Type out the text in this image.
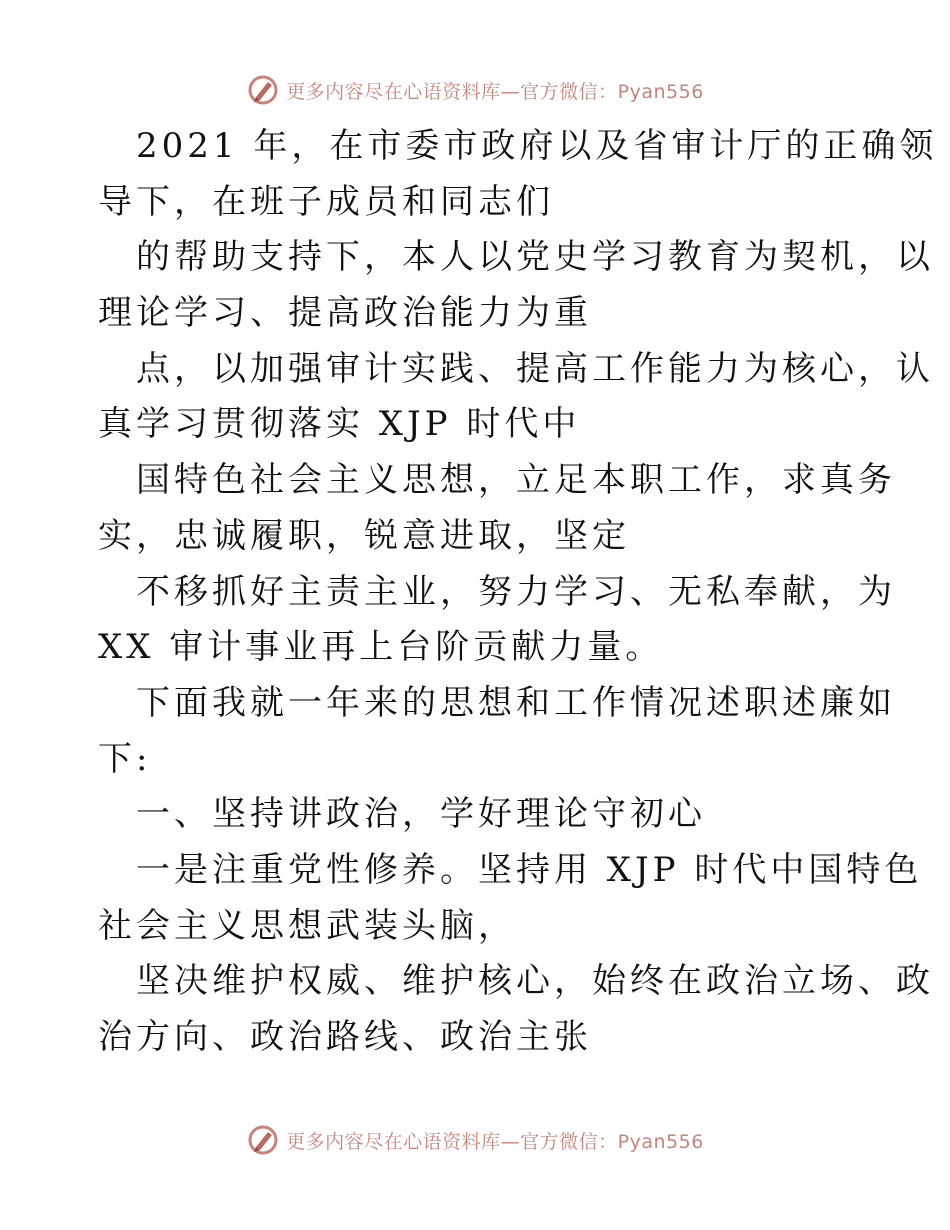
更多内容尽在心语资料库—官方微信：Pyan556
2021 年，在市委市政府以及省审计厅的正确领
导下，在班子成员和同志们
的帮助支持下，本人以党史学习教育为契机，以
理论学习、提高政治能力为重
点，以加强审计实践、提高工作能力为核心，认
真学习贯彻落实 XJP 时代中
国特色社会主义思想，立足本职工作，求真务
实，忠诚履职，锐意进取，坚定
不移抓好主责主业，努力学习、无私奉献，为
XX 审计事业再上台阶贡献力量。
下面我就一年来的思想和工作情况述职述廉如
下:
一、坚持讲政治，学好理论守初心
一是注重党性修养。坚持用 XJP 时代中国特色
社会主义思想武装头脑，
坚决维护权威、维护核心，始终在政治立场、政
治方向、政治路线、政治主张
更多内容尽在心语资料库—官方微信：Pyan556
